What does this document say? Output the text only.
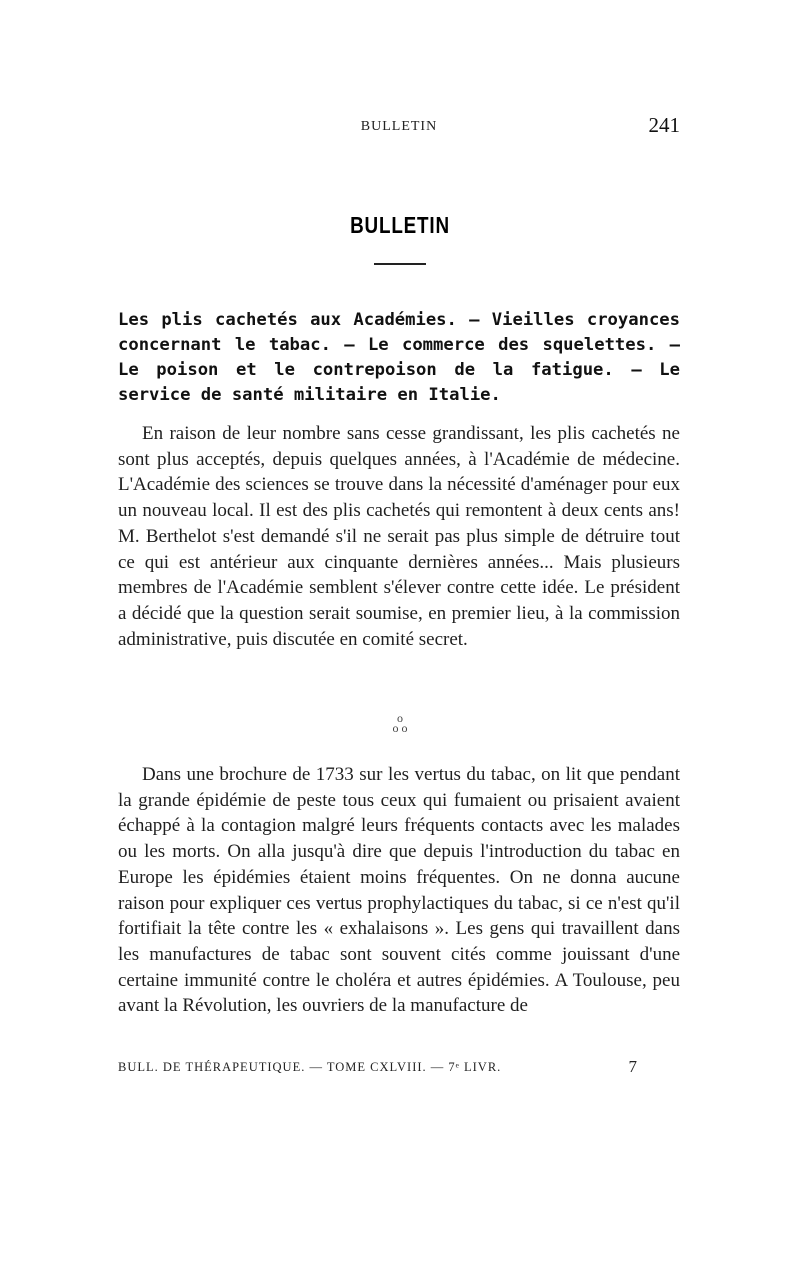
BULLETIN	241
BULLETIN

Les plis cachetés aux Académies. — Vieilles croyances concernant le tabac. — Le commerce des squelettes. — Le poison et le contrepoison de la fatigue. — Le service de santé militaire en Italie.

En raison de leur nombre sans cesse grandissant, les plis cachetés ne sont plus acceptés, depuis quelques années, à l'Académie de médecine. L'Académie des sciences se trouve dans la nécessité d'aménager pour eux un nouveau local. Il est des plis cachetés qui remontent à deux cents ans! M. Berthelot s'est demandé s'il ne serait pas plus simple de détruire tout ce qui est antérieur aux cinquante dernières années... Mais plusieurs membres de l'Académie semblent s'élever contre cette idée. Le président a décidé que la question serait soumise, en premier lieu, à la commission administrative, puis discutée en comité secret.

o
o o

Dans une brochure de 1733 sur les vertus du tabac, on lit que pendant la grande épidémie de peste tous ceux qui fumaient ou prisaient avaient échappé à la contagion malgré leurs fréquents contacts avec les malades ou les morts. On alla jusqu'à dire que depuis l'introduction du tabac en Europe les épidémies étaient moins fréquentes. On ne donna aucune raison pour expliquer ces vertus prophylactiques du tabac, si ce n'est qu'il fortifiait la tête contre les « exhalaisons ». Les gens qui travaillent dans les manufactures de tabac sont souvent cités comme jouissant d'une certaine immunité contre le choléra et autres épidémies. A Toulouse, peu avant la Révolution, les ouvriers de la manufacture de

BULL. DE THÉRAPEUTIQUE. — TOME CXLVIII. — 7ᵉ LIVR.	7
